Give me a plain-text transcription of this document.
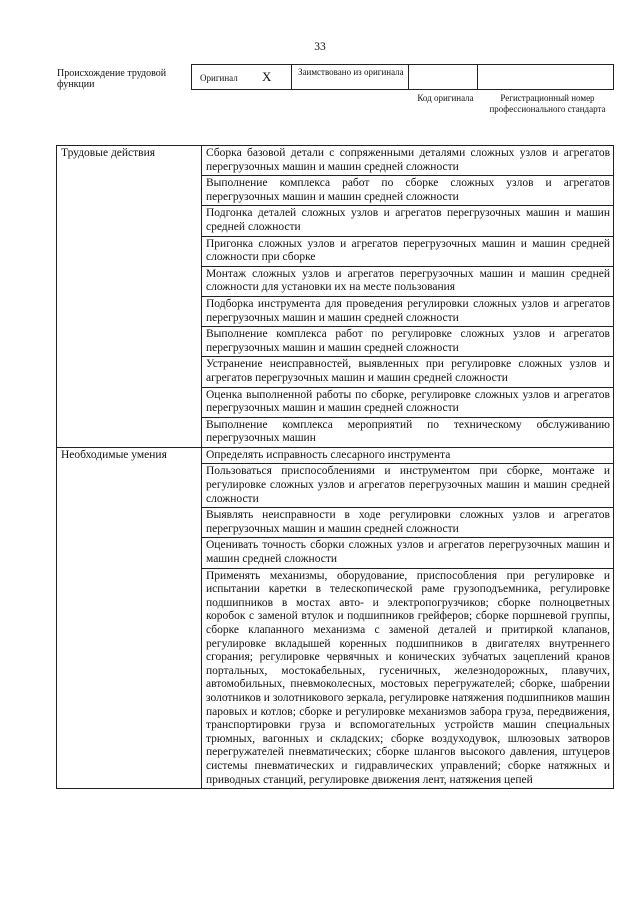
33
Происхождение трудовой функции
Оригинал X	Заимствовано из оригинала
Код оригинала	Регистрационный номер профессионального стандарта
Трудовые действия	Сборка базовой детали с сопряженными деталями сложных узлов и агрегатов перегрузочных машин и машин средней сложности
	Выполнение комплекса работ по сборке сложных узлов и агрегатов перегрузочных машин и машин средней сложности
	Подгонка деталей сложных узлов и агрегатов перегрузочных машин и машин средней сложности
	Пригонка сложных узлов и агрегатов перегрузочных машин и машин средней сложности при сборке
	Монтаж сложных узлов и агрегатов перегрузочных машин и машин средней сложности для установки их на месте пользования
	Подборка инструмента для проведения регулировки сложных узлов и агрегатов перегрузочных машин и машин средней сложности
	Выполнение комплекса работ по регулировке сложных узлов и агрегатов перегрузочных машин и машин средней сложности
	Устранение неисправностей, выявленных при регулировке сложных узлов и агрегатов перегрузочных машин и машин средней сложности
	Оценка выполненной работы по сборке, регулировке сложных узлов и агрегатов перегрузочных машин и машин средней сложности
	Выполнение комплекса мероприятий по техническому обслуживанию перегрузочных машин
Необходимые умения	Определять исправность слесарного инструмента
	Пользоваться приспособлениями и инструментом при сборке, монтаже и регулировке сложных узлов и агрегатов перегрузочных машин и машин средней сложности
	Выявлять неисправности в ходе регулировки сложных узлов и агрегатов перегрузочных машин и машин средней сложности
	Оценивать точность сборки сложных узлов и агрегатов перегрузочных машин и машин средней сложности
	Применять механизмы, оборудование, приспособления при регулировке и испытании каретки в телескопической раме грузоподъемника, регулировке подшипников в мостах авто- и электропогрузчиков; сборке полноцветных коробок с заменой втулок и подшипников грейферов; сборке поршневой группы, сборке клапанного механизма с заменой деталей и притиркой клапанов, регулировке вкладышей коренных подшипников в двигателях внутреннего сгорания; регулировке червячных и конических зубчатых зацеплений кранов портальных, мостокабельных, гусеничных, железнодорожных, плавучих, автомобильных, пневмоколесных, мостовых перегружателей; сборке, шабрении золотников и золотникового зеркала, регулировке натяжения подшипников машин паровых и котлов; сборке и регулировке механизмов забора груза, передвижения, транспортировки груза и вспомогательных устройств машин специальных трюмных, вагонных и складских; сборке воздуходувок, шлюзовых затворов перегружателей пневматических; сборке шлангов высокого давления, штуцеров системы пневматических и гидравлических управлений; сборке натяжных и приводных станций, регулировке движения лент, натяжения цепей
